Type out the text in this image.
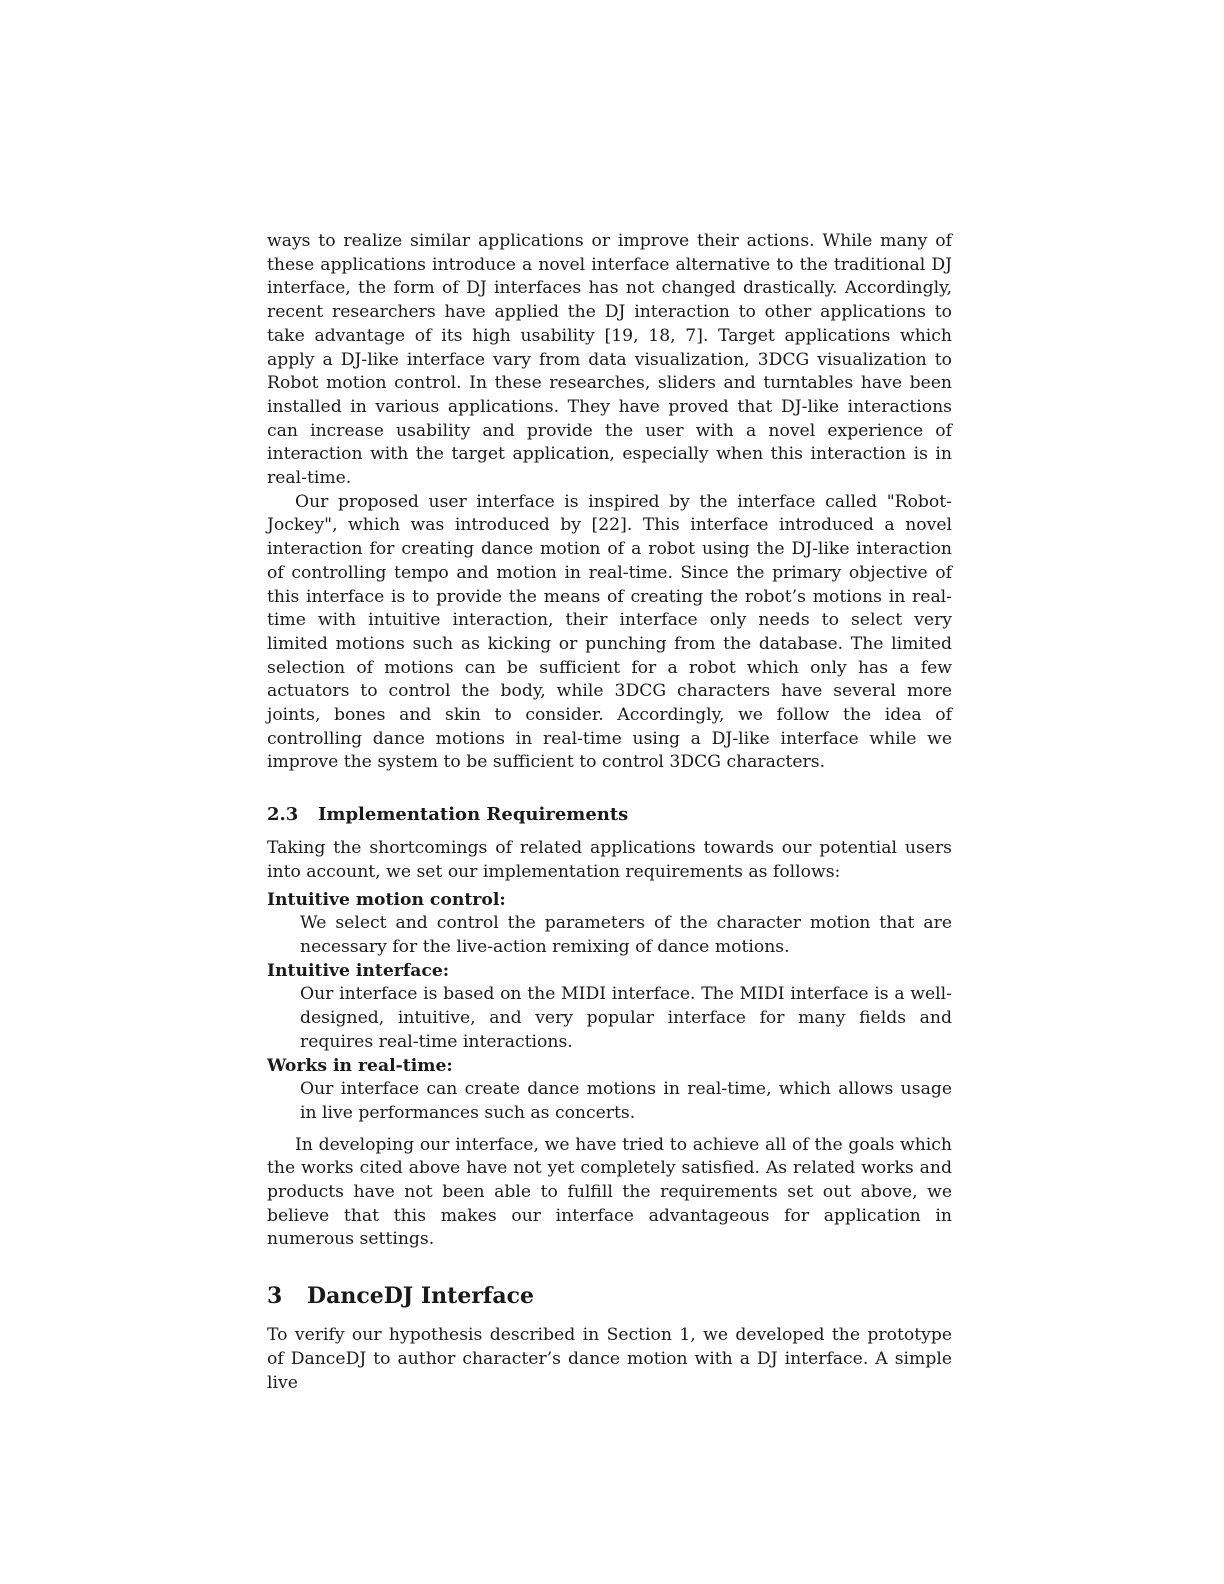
ways to realize similar applications or improve their actions. While many of these applications introduce a novel interface alternative to the traditional DJ interface, the form of DJ interfaces has not changed drastically. Accordingly, recent researchers have applied the DJ interaction to other applications to take advantage of its high usability [19, 18, 7]. Target applications which apply a DJ-like interface vary from data visualization, 3DCG visualization to Robot motion control. In these researches, sliders and turntables have been installed in various applications. They have proved that DJ-like interactions can increase usability and provide the user with a novel experience of interaction with the target application, especially when this interaction is in real-time.

Our proposed user interface is inspired by the interface called "Robot-Jockey", which was introduced by [22]. This interface introduced a novel interaction for creating dance motion of a robot using the DJ-like interaction of controlling tempo and motion in real-time. Since the primary objective of this interface is to provide the means of creating the robot’s motions in real-time with intuitive interaction, their interface only needs to select very limited motions such as kicking or punching from the database. The limited selection of motions can be sufficient for a robot which only has a few actuators to control the body, while 3DCG characters have several more joints, bones and skin to consider. Accordingly, we follow the idea of controlling dance motions in real-time using a DJ-like interface while we improve the system to be sufficient to control 3DCG characters.

2.3 Implementation Requirements

Taking the shortcomings of related applications towards our potential users into account, we set our implementation requirements as follows:

Intuitive motion control:

We select and control the parameters of the character motion that are necessary for the live-action remixing of dance motions.

Intuitive interface:

Our interface is based on the MIDI interface. The MIDI interface is a well-designed, intuitive, and very popular interface for many fields and requires real-time interactions.

Works in real-time:

Our interface can create dance motions in real-time, which allows usage in live performances such as concerts.

In developing our interface, we have tried to achieve all of the goals which the works cited above have not yet completely satisfied. As related works and products have not been able to fulfill the requirements set out above, we believe that this makes our interface advantageous for application in numerous settings.

3 DanceDJ Interface

To verify our hypothesis described in Section 1, we developed the prototype of DanceDJ to author character’s dance motion with a DJ interface. A simple live
